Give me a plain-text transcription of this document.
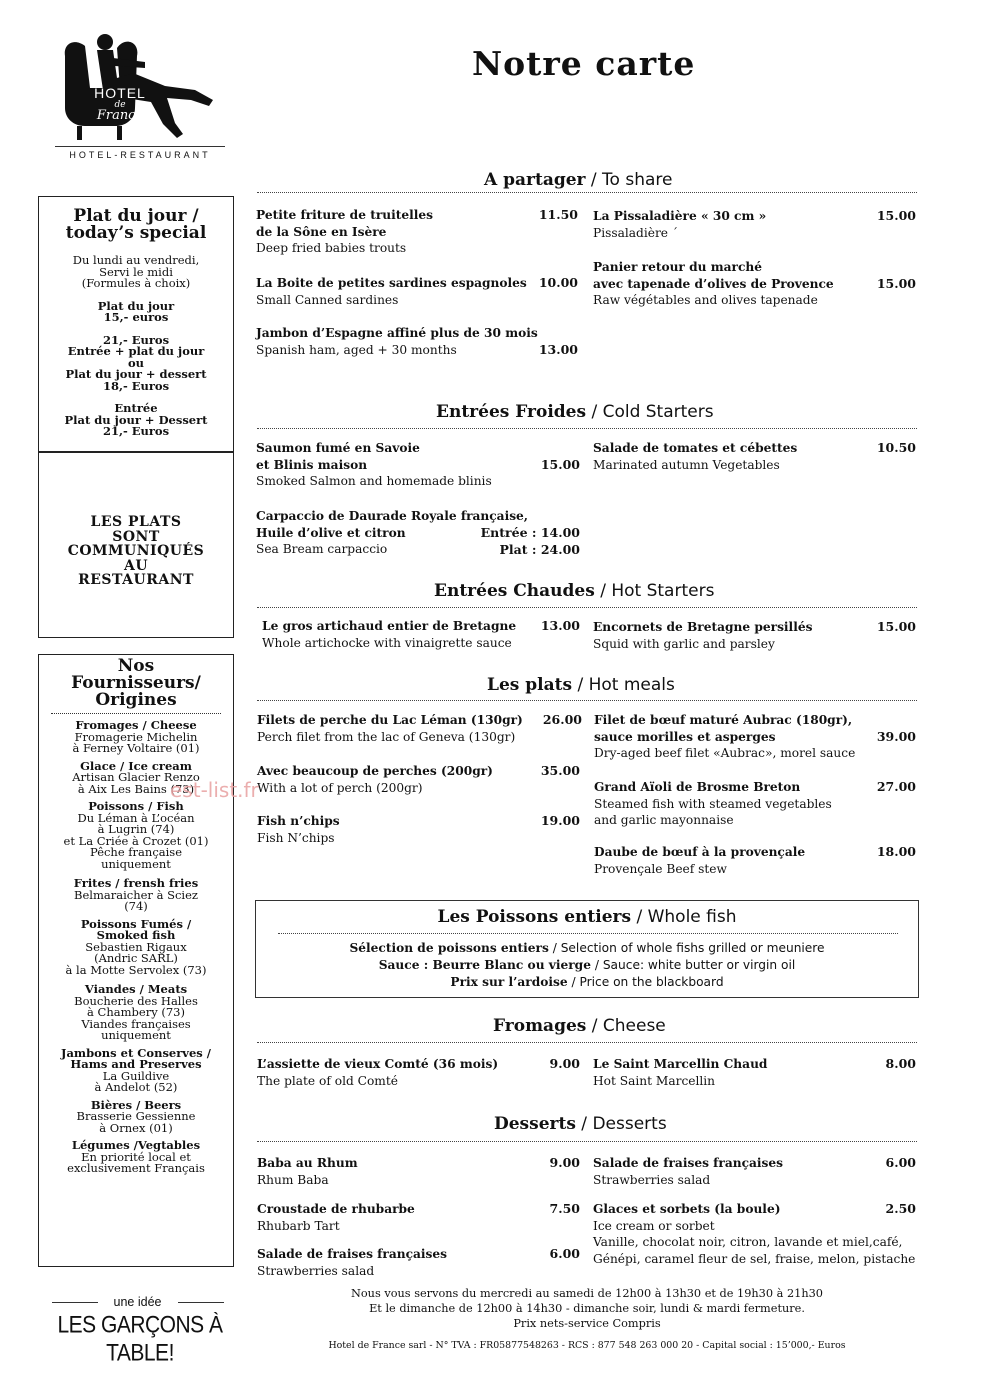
HOTEL
de
France
HOTEL-RESTAURANT
Notre carte
Plat du jour /
today’s special
Du lundi au vendredi,
Servi le midi
(Formules à choix)
Plat du jour
15,- euros
21,- Euros
Entrée + plat du jour
ou
Plat du jour + dessert
18,- Euros
Entrée
Plat du jour + Dessert
21,- Euros
LES PLATS
SONT
COMMUNIQUÉS
AU
RESTAURANT
Nos
Fournisseurs/
Origines
Fromages / Cheese
Fromagerie Michelin
à Ferney Voltaire (01)
Glace / Ice cream
Artisan Glacier Renzo
à Aix Les Bains (73)
Poissons / Fish
Du Léman à L’océan
à Lugrin (74)
et La Criée à Crozet (01)
Pêche française
uniquement
Frites / frensh fries
Belmaraicher à Sciez
(74)
Poissons Fumés /
Smoked fish
Sebastien Rigaux
(Andric SARL)
à la Motte Servolex (73)
Viandes / Meats
Boucherie des Halles
à Chambery (73)
Viandes françaises
uniquement
Jambons et Conserves /
Hams and Preserves
La Guildive
à Andelot (52)
Bières / Beers
Brasserie Gessienne
à Ornex (01)
Légumes /Vegtables
En priorité local et
exclusivement Français
est-list.fr
une idée
LES GARÇONS À TABLE!
A partager / To share
Petite friture de truitelles
de la Sône en Isère
Deep fried babies trouts
11.50
La Boite de petites sardines espagnoles
Small Canned sardines
10.00
Jambon d’Espagne affiné plus de 30 mois
Spanish ham, aged + 30 months	13.00
La Pissaladière « 30 cm »
Pissaladière ´
15.00
Panier retour du marché
avec tapenade d’olives de Provence
Raw végétables and olives tapenade
15.00
Entrées Froides / Cold Starters
Saumon fumé en Savoie
et Blinis maison
Smoked Salmon and homemade blinis
15.00
Carpaccio de Daurade Royale française,
Huile d’olive et citron
Sea Bream carpaccio
Entrée : 14.00
Plat : 24.00
Salade de tomates et cébettes
Marinated autumn Vegetables
10.50
Entrées Chaudes / Hot Starters
Le gros artichaud entier de Bretagne
Whole artichocke with vinaigrette sauce
13.00 Encornets de Bretagne persillés
Squid with garlic and parsley
15.00
Les plats / Hot meals
Filets de perche du Lac Léman (130gr)
Perch filet from the lac of Geneva (130gr)
26.00
Avec beaucoup de perches (200gr)
With a lot of perch (200gr)
35.00
Fish n’chips
Fish N’chips
19.00
Filet de bœuf maturé Aubrac (180gr),
sauce morilles et asperges
Dry-aged beef filet «Aubrac», morel sauce
39.00
Grand Aïoli de Brosme Breton
Steamed fish with steamed vegetables
and garlic mayonnaise
27.00
Daube de bœuf à la provençale
Provençale Beef stew
18.00
Les Poissons entiers / Whole fish
Sélection de poissons entiers / Selection of whole fishs grilled or meuniere
Sauce : Beurre Blanc ou vierge / Sauce: white butter or virgin oil
Prix sur l’ardoise / Price on the blackboard
Fromages / Cheese
L’assiette de vieux Comté (36 mois)
The plate of old Comté
9.00 Le Saint Marcellin Chaud
Hot Saint Marcellin
8.00
Desserts / Desserts
Baba au Rhum
Rhum Baba
9.00
Croustade de rhubarbe
Rhubarb Tart
7.50
Salade de fraises françaises
Strawberries salad
6.00
Salade de fraises françaises
Strawberries salad
6.00
Glaces et sorbets (la boule)
Ice cream or sorbet
Vanille, chocolat noir, citron, lavande et miel,café,
Génépi, caramel fleur de sel, fraise, melon, pistache
2.50
Nous vous servons du mercredi au samedi de 12h00 à 13h30 et de 19h30 à 21h30
Et le dimanche de 12h00 à 14h30 - dimanche soir, lundi & mardi fermeture.
Prix nets-service Compris
Hotel de France sarl - N° TVA : FR05877548263 - RCS : 877 548 263 000 20 - Capital social : 15’000,- Euros
